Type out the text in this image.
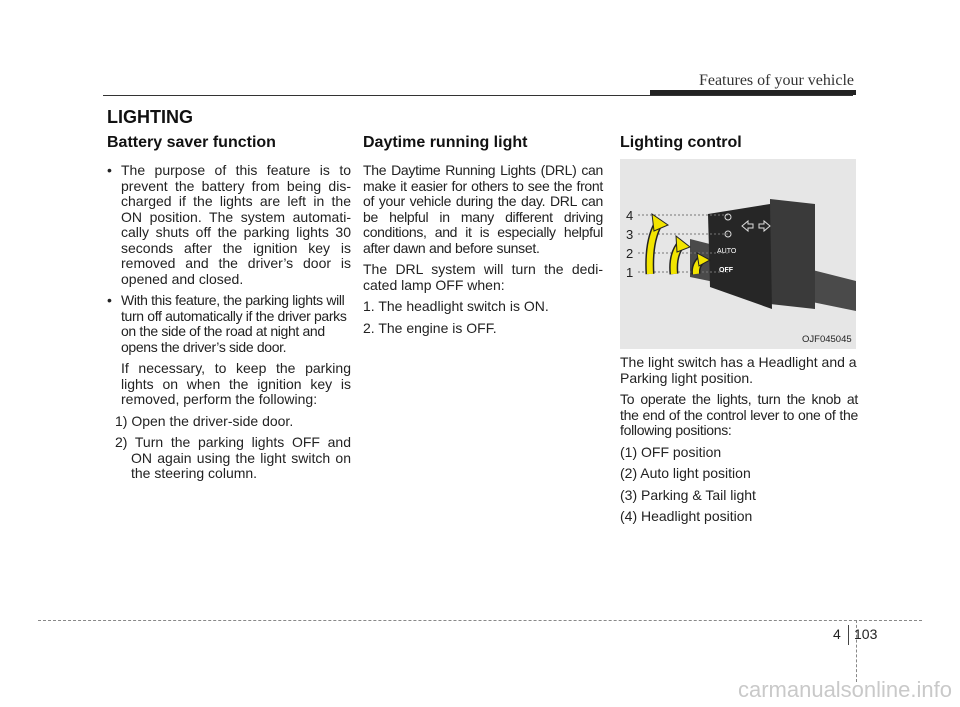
Features of your vehicle
LIGHTING
Battery saver function
• The purpose of this feature is to prevent the battery from being dis-charged if the lights are left in the ON position. The system automati-cally shuts off the parking lights 30 seconds after the ignition key is removed and the driver’s door is opened and closed.
• With this feature, the parking lights will turn off automatically if the driver parks on the side of the road at night and opens the driver’s side door.

If necessary, to keep the parking lights on when the ignition key is removed, perform the following:

1) Open the driver-side door.

2) Turn the parking lights OFF and ON again using the light switch on the steering column.

Daytime running light

The Daytime Running Lights (DRL) can make it easier for others to see the front of your vehicle during the day. DRL can be helpful in many different driving conditions, and it is especially helpful after dawn and before sunset.

The DRL system will turn the dedi-cated lamp OFF when:

1. The headlight switch is ON.

2. The engine is OFF.

Lighting control
4
3
2
1
AUTO
OFF
OJF045045

The light switch has a Headlight and a Parking light position.

To operate the lights, turn the knob at the end of the control lever to one of the following positions:

(1) OFF position

(2) Auto light position

(3) Parking & Tail light

(4) Headlight position

4 103
carmanualsonline.info
